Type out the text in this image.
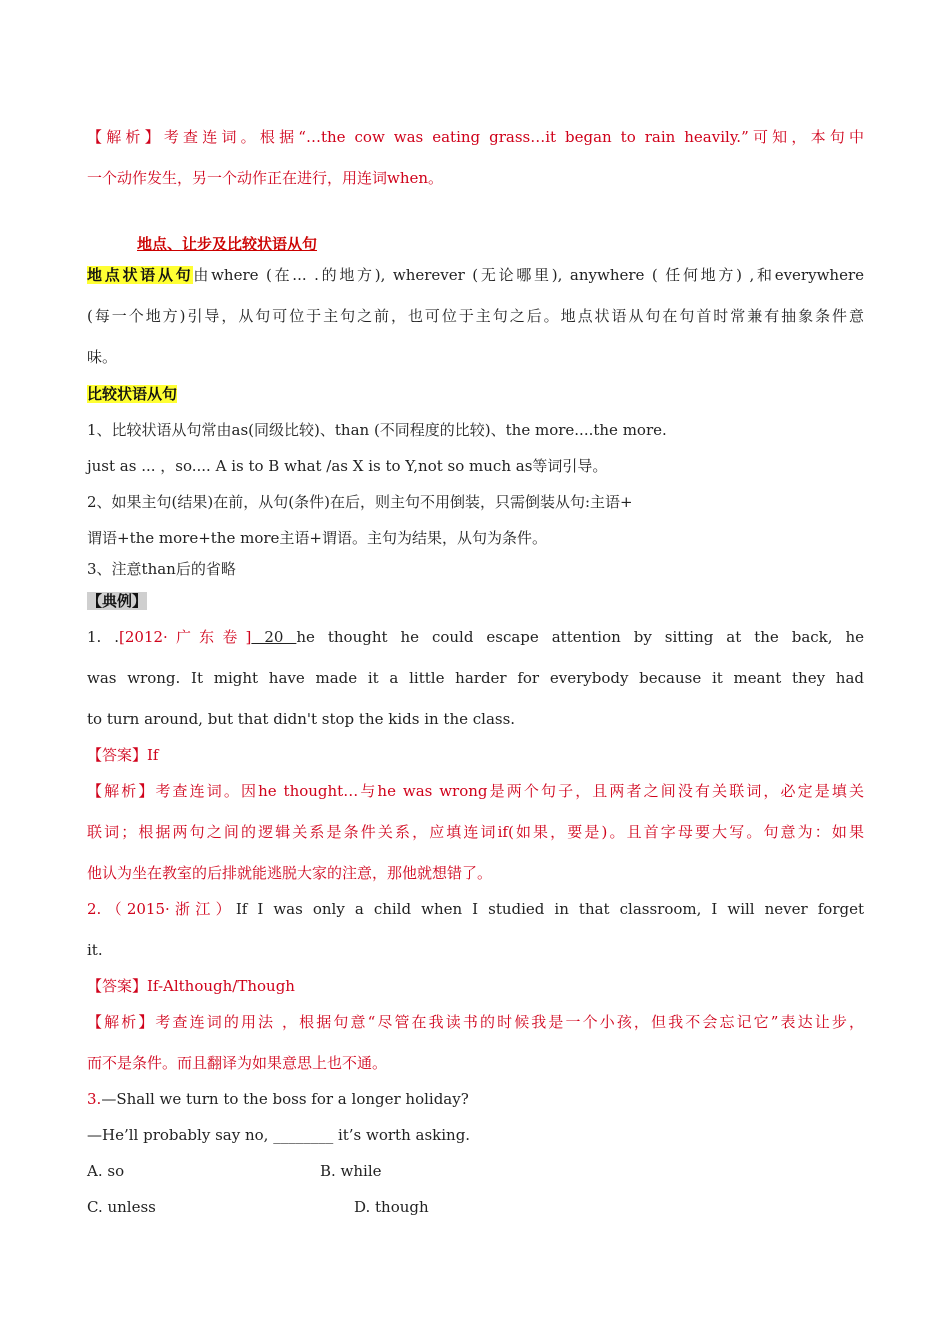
【解析】考查连词。根据“…the cow was eating grass…it began to rain heavily.”可知，本句中
一个动作发生，另一个动作正在进行，用连词when。
地点、让步及比较状语从句
地点状语从句由where (在... .的地方), wherever (无论哪里), anywhere ( 任何地方) ,和everywhere
(每一个地方)引导，从句可位于主句之前，也可位于主句之后。地点状语从句在句首时常兼有抽象条件意
味。
比较状语从句
1、比较状语从句常由as(同级比较)、than (不同程度的比较)、the more....the more.
just as ... ，so.... A is to B what /as X is to Y,not so much as等词引导。
2、如果主句(结果)在前，从句(条件)在后，则主句不用倒装，只需倒装从句:主语+
谓语+the more+the more主语+谓语。主句为结果，从句为条件。
3、注意than后的省略
【典例】
1. .[2012·广东卷] 20 he thought he could escape attention by sitting at the back, he
was wrong. It might have made it a little harder for everybody because it meant they had
to turn around, but that didn't stop the kids in the class.
【答案】If
【解析】考查连词。因he thought…与he was wrong是两个句子，且两者之间没有关联词，必定是填关
联词；根据两句之间的逻辑关系是条件关系，应填连词if(如果，要是)。且首字母要大写。句意为：如果
他认为坐在教室的后排就能逃脱大家的注意，那他就想错了。
2.（2015·浙江）If I was only a child when I studied in that classroom, I will never forget
it.
【答案】If-Although/Though
【解析】考查连词的用法 ，根据句意“尽管在我读书的时候我是一个小孩，但我不会忘记它”表达让步，
而不是条件。而且翻译为如果意思上也不通。
3.—Shall we turn to the boss for a longer holiday?
—He’ll probably say no, ________ it’s worth asking.
A. so	B. while
C. unless	D. though
